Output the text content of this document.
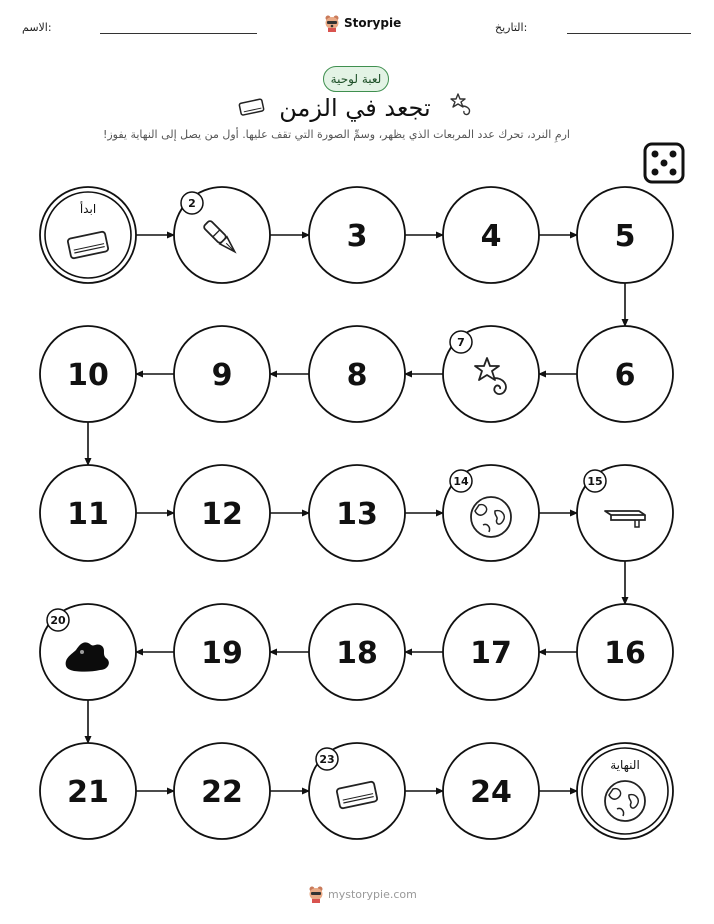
الاسم:	Storypie	التاريخ:
لعبة لوحية
تجعد في الزمن
ارمِ النرد، تحرك عدد المربعات الذي يظهر، وسمِّ الصورة التي تقف عليها. أول من يصل إلى النهاية يفوز!
ابدأ	2
3	4	5
6
7
8
9
10
11	12	13
14	15
16
17
18
19
20
21	22
23
24
النهاية
mystorypie.com
